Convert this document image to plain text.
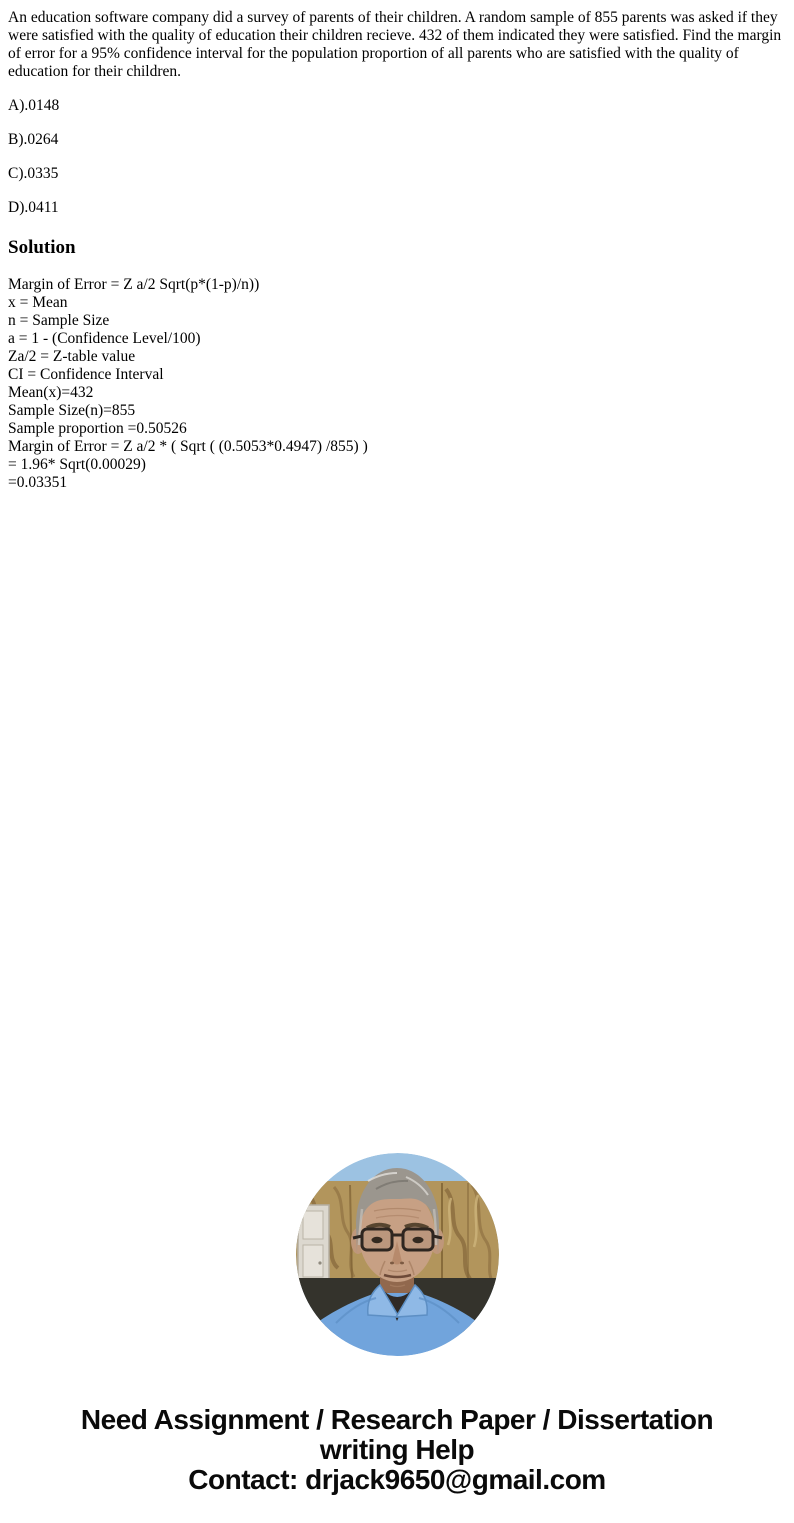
An education software company did a survey of parents of their children. A random sample of 855 parents was asked if they were satisfied with the quality of education their children recieve. 432 of them indicated they were satisfied. Find the margin of error for a 95% confidence interval for the population proportion of all parents who are satisfied with the quality of education for their children.

A).0148

B).0264

C).0335

D).0411

Solution
Margin of Error = Z a/2 Sqrt(p*(1-p)/n))
x = Mean
n = Sample Size
a = 1 - (Confidence Level/100)
Za/2 = Z-table value
CI = Confidence Interval
Mean(x)=432
Sample Size(n)=855
Sample proportion =0.50526
Margin of Error = Z a/2 * ( Sqrt ( (0.5053*0.4947) /855) )
= 1.96* Sqrt(0.00029)
=0.03351
Need Assignment / Research Paper / Dissertation
writing Help
Contact: drjack9650@gmail.com
